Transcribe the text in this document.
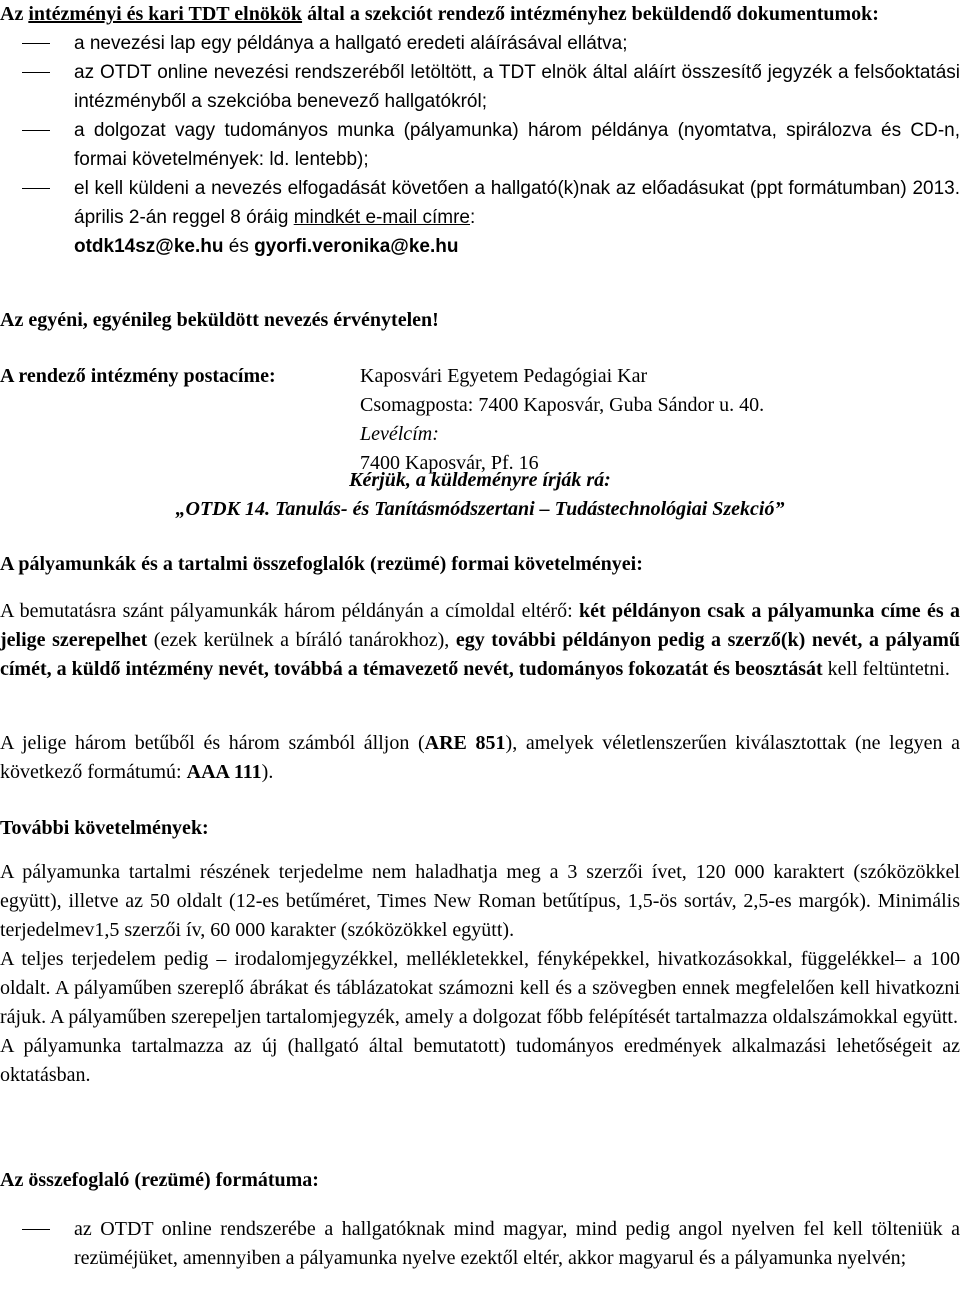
Az intézményi és kari TDT elnökök által a szekciót rendező intézményhez beküldendő dokumentumok:

a nevezési lap egy példánya a hallgató eredeti aláírásával ellátva;
az OTDT online nevezési rendszeréből letöltött, a TDT elnök által aláírt összesítő jegyzék a felsőoktatási intézményből a szekcióba benevező hallgatókról;
a dolgozat vagy tudományos munka (pályamunka) három példánya (nyomtatva, spirálozva és CD-n, formai követelmények: ld. lentebb);
el kell küldeni a nevezés elfogadását követően a hallgató(k)nak az előadásukat (ppt formátumban) 2013. április 2-án reggel 8 óráig mindkét e-mail címre:
otdk14sz@ke.hu és gyorfi.veronika@ke.hu

Az egyéni, egyénileg beküldött nevezés érvénytelen!

A rendező intézmény postacíme:	Kaposvári Egyetem Pedagógiai Kar
Csomagposta: 7400 Kaposvár, Guba Sándor u. 40.
Levélcím:
7400 Kaposvár, Pf. 16

Kérjük, a küldeményre írják rá:

„OTDK 14. Tanulás- és Tanításmódszertani – Tudástechnológiai Szekció”

A pályamunkák és a tartalmi összefoglalók (rezümé) formai követelményei:

A bemutatásra szánt pályamunkák három példányán a címoldal eltérő: két példányon csak a pályamunka címe és a jelige szerepelhet (ezek kerülnek a bíráló tanárokhoz), egy további példányon pedig a szerző(k) nevét, a pályamű címét, a küldő intézmény nevét, továbbá a témavezető nevét, tudományos fokozatát és beosztását kell feltüntetni.

A jelige három betűből és három számból álljon (ARE 851), amelyek véletlenszerűen kiválasztottak (ne legyen a következő formátumú: AAA 111).

További követelmények:

A pályamunka tartalmi részének terjedelme nem haladhatja meg a 3 szerzői ívet, 120 000 karaktert (szóközökkel együtt), illetve az 50 oldalt (12-es betűméret, Times New Roman betűtípus, 1,5-ös sortáv, 2,5-es margók). Minimális terjedelmev1,5 szerzői ív, 60 000 karakter (szóközökkel együtt).

A teljes terjedelem pedig – irodalomjegyzékkel, mellékletekkel, fényképekkel, hivatkozásokkal, függelékkel– a 100 oldalt. A pályaműben szereplő ábrákat és táblázatokat számozni kell és a szövegben ennek megfelelően kell hivatkozni rájuk. A pályaműben szerepeljen tartalomjegyzék, amely a dolgozat főbb felépítését tartalmazza oldalszámokkal együtt.

A pályamunka tartalmazza az új (hallgató által bemutatott) tudományos eredmények alkalmazási lehetőségeit az oktatásban.

Az összefoglaló (rezümé) formátuma:

az OTDT online rendszerébe a hallgatóknak mind magyar, mind pedig angol nyelven fel kell tölteniük a rezüméjüket, amennyiben a pályamunka nyelve ezektől eltér, akkor magyarul és a pályamunka nyelvén;
